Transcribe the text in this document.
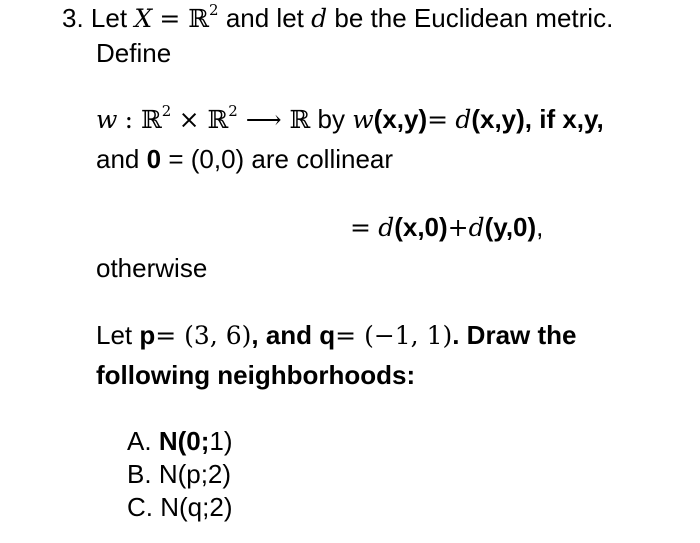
3. Let X = ℝ$^2$ and let d be the Euclidean metric.
Define
w : ℝ$^2$ × ℝ$^2$ ⟶ ℝ by w(x,y)= d(x,y), if x,y,
and 0 = (0,0) are collinear
= d(x,0)+d(y,0),
otherwise
Let p= (3, 6), and q= (−1, 1). Draw the
following neighborhoods:
A. N(0;1)
B. N(p;2)
C. N(q;2)
